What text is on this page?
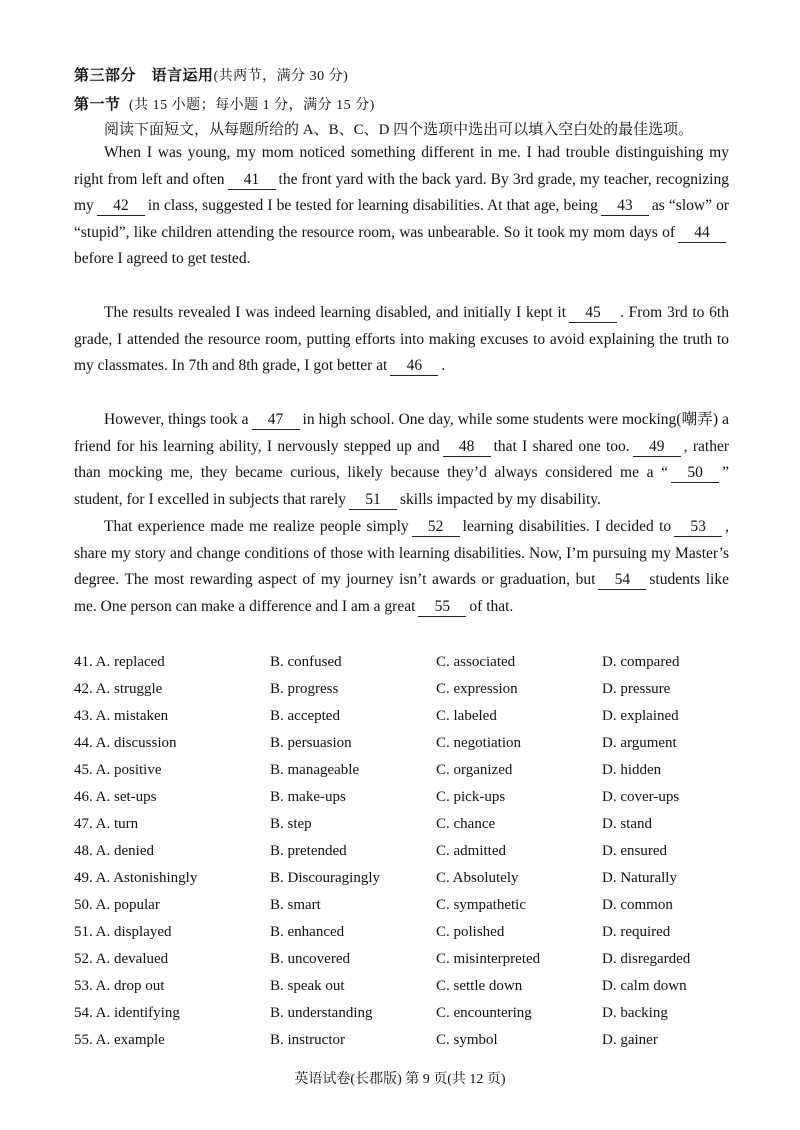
第三部分　语言运用(共两节，满分 30 分)
第一节 (共 15 小题；每小题 1 分，满分 15 分)
阅读下面短文，从每题所给的 A、B、C、D 四个选项中选出可以填入空白处的最佳选项。
When I was young, my mom noticed something different in me. I had trouble distinguishing my right from left and often 41 the front yard with the back yard. By 3rd grade, my teacher, recognizing my 42 in class, suggested I be tested for learning disabilities. At that age, being 43 as “slow” or “stupid”, like children attending the resource room, was unbearable. So it took my mom days of 44before I agreed to get tested.
The results revealed I was indeed learning disabled, and initially I kept it 45 . From 3rd to 6th grade, I attended the resource room, putting efforts into making excuses to avoid explaining the truth to my classmates. In 7th and 8th grade, I got better at 46 .
However, things took a 47 in high school. One day, while some students were mocking(嘲弄) a friend for his learning ability, I nervously stepped up and 48 that I shared one too. 49 , rather than mocking me, they became curious, likely because they’d always considered me a “ 50 ” student, for I excelled in subjects that rarely 51 skills impacted by my disability.
That experience made me realize people simply 52 learning disabilities. I decided to 53 , share my story and change conditions of those with learning disabilities. Now, I’m pursuing my Master’s degree. The most rewarding aspect of my journey isn’t awards or graduation, but 54 students like me. One person can make a difference and I am a great 55 of that.
41. A. replaced	B. confused	C. associated	D. compared
42. A. struggle	B. progress	C. expression	D. pressure
43. A. mistaken	B. accepted	C. labeled	D. explained
44. A. discussion	B. persuasion	C. negotiation	D. argument
45. A. positive	B. manageable	C. organized	D. hidden
46. A. set-ups	B. make-ups	C. pick-ups	D. cover-ups
47. A. turn	B. step	C. chance	D. stand
48. A. denied	B. pretended	C. admitted	D. ensured
49. A. Astonishingly	B. Discouragingly	C. Absolutely	D. Naturally
50. A. popular	B. smart	C. sympathetic	D. common
51. A. displayed	B. enhanced	C. polished	D. required
52. A. devalued	B. uncovered	C. misinterpreted	D. disregarded
53. A. drop out	B. speak out	C. settle down	D. calm down
54. A. identifying	B. understanding	C. encountering	D. backing
55. A. example	B. instructor	C. symbol	D. gainer
英语试卷(长郡版) 第 9 页(共 12 页)
